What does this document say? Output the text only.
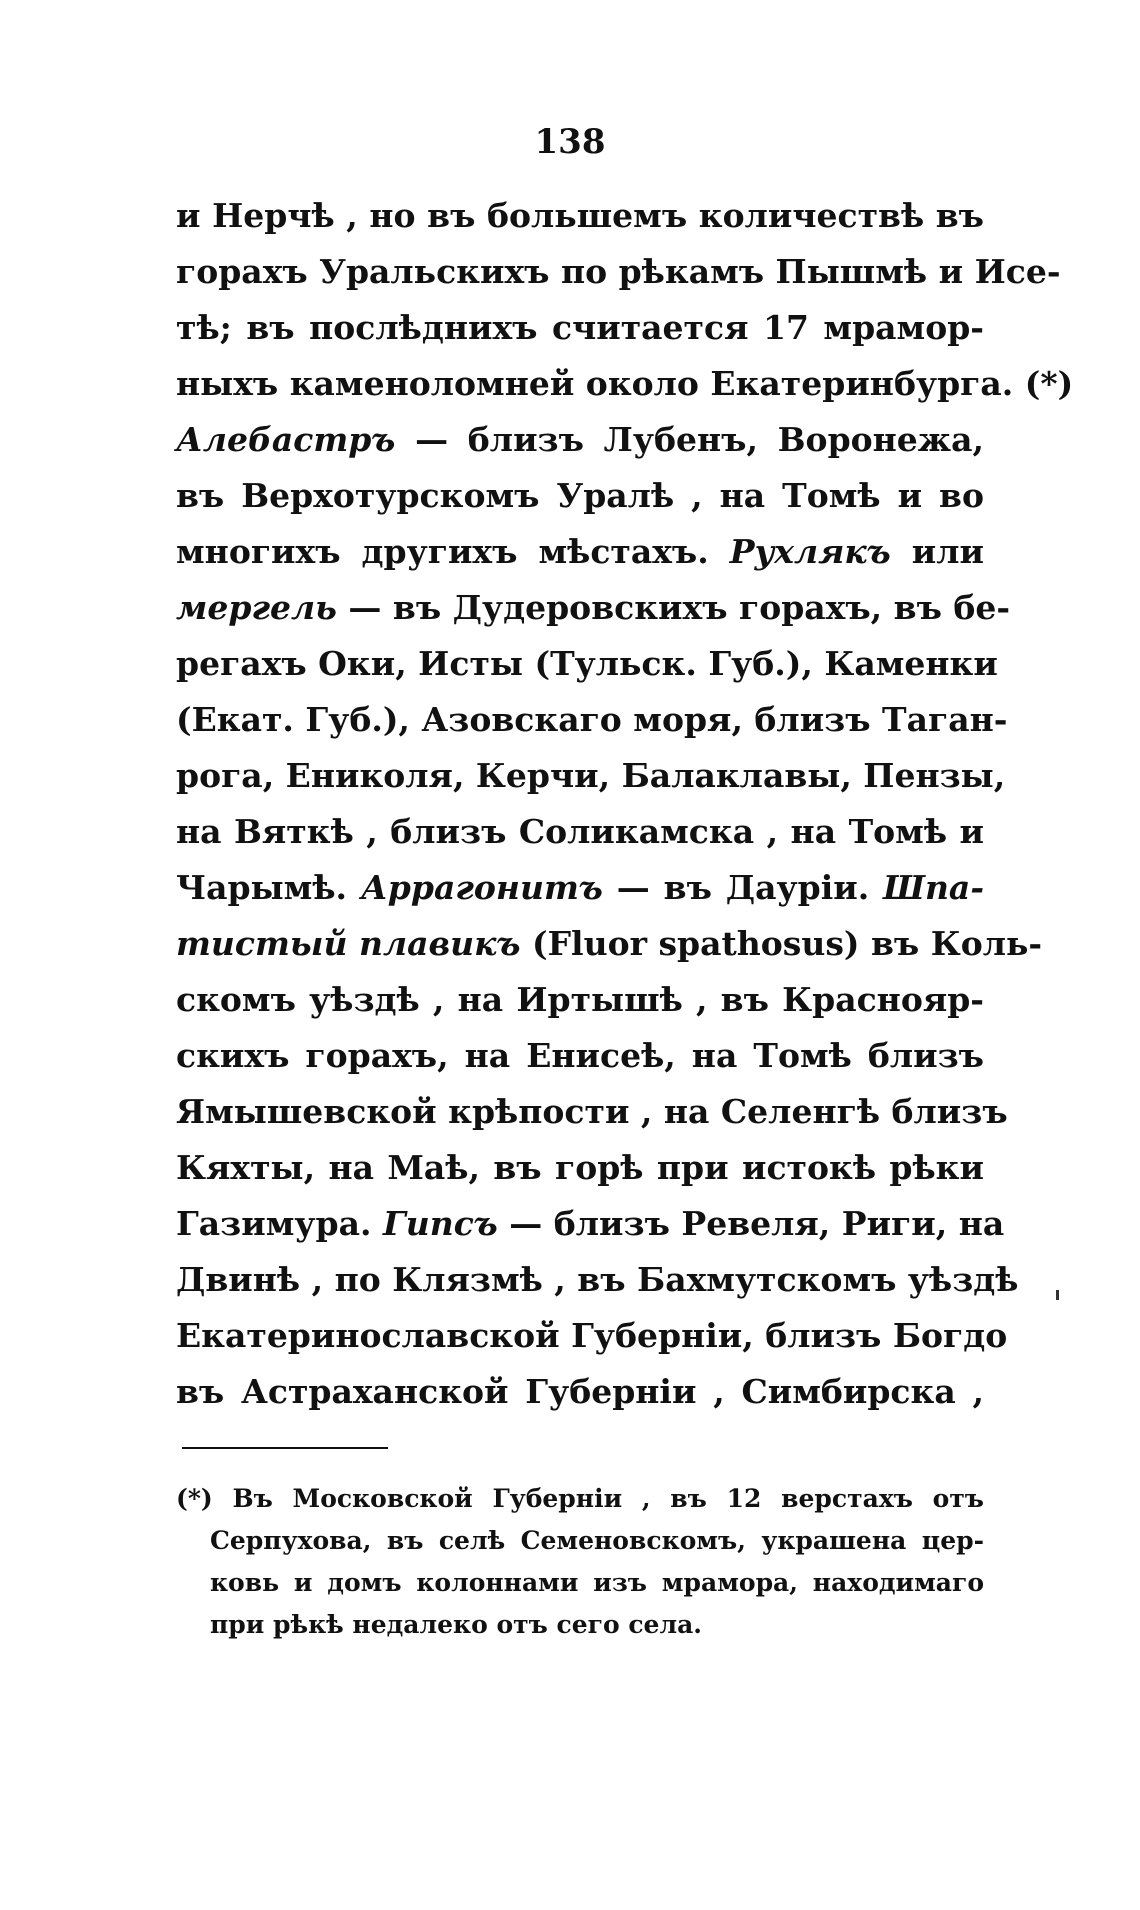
138
и Нерчѣ , но въ большемъ количествѣ въ
горахъ Уральскихъ по рѣкамъ Пышмѣ и Исе-
тѣ; въ послѣднихъ считается 17 мрамор-
ныхъ каменоломней около Екатеринбурга. (*)
Алебастръ — близъ Лубенъ, Воронежа,
въ Верхотурскомъ Уралѣ , на Томѣ и во
многихъ другихъ мѣстахъ. Рухлякъ или
мергель — въ Дудеровскихъ горахъ, въ бе-
регахъ Оки, Исты (Тульск. Губ.), Каменки
(Екат. Губ.), Азовскаго моря, близъ Таган-
рога, Ениколя, Керчи, Балаклавы, Пензы,
на Вяткѣ , близъ Соликамска , на Томѣ и
Чарымѣ. Аррагонитъ — въ Дауріи. Шпа-
тистый плавикъ (Fluor spathosus) въ Коль-
скомъ уѣздѣ , на Иртышѣ , въ Краснояр-
скихъ горахъ, на Енисеѣ, на Томѣ близъ
Ямышевской крѣпости , на Селенгѣ близъ
Кяхты, на Маѣ, въ горѣ при истокѣ рѣки
Газимура. Гипсъ — близъ Ревеля, Риги, на
Двинѣ , по Клязмѣ , въ Бахмутскомъ уѣздѣ
Екатеринославской Губерніи, близъ Богдо
въ Астраханской Губерніи , Симбирска ,
(*) Въ Московской Губерніи , въ 12 верстахъ отъ
Серпухова, въ селѣ Семеновскомъ, украшена цер-
ковь и домъ колоннами изъ мрамора, находимаго
при рѣкѣ недалеко отъ сего села.
